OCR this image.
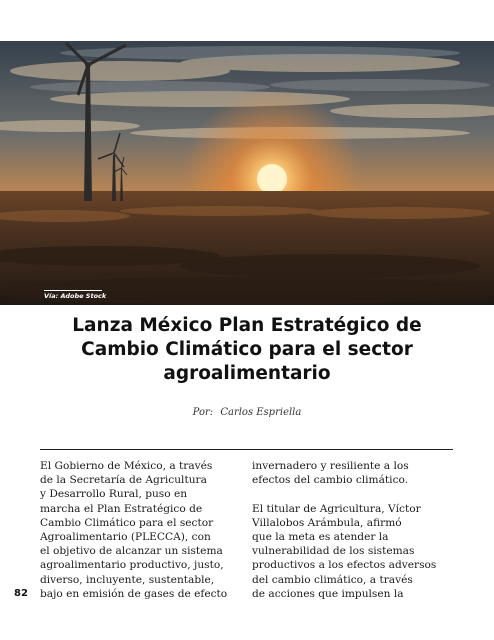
Vía: Adobe Stock
Lanza México Plan Estratégico de
Cambio Climático para el sector
agroalimentario
Por: Carlos Espriella
El Gobierno de México, a través
de la Secretaría de Agricultura
y Desarrollo Rural, puso en
marcha el Plan Estratégico de
Cambio Climático para el sector
Agroalimentario (PLECCA), con
el objetivo de alcanzar un sistema
agroalimentario productivo, justo,
diverso, incluyente, sustentable,
bajo en emisión de gases de efecto
invernadero y resiliente a los
efectos del cambio climático.
El titular de Agricultura, Víctor
Villalobos Arámbula, afirmó
que la meta es atender la
vulnerabilidad de los sistemas
productivos a los efectos adversos
del cambio climático, a través
de acciones que impulsen la
82
